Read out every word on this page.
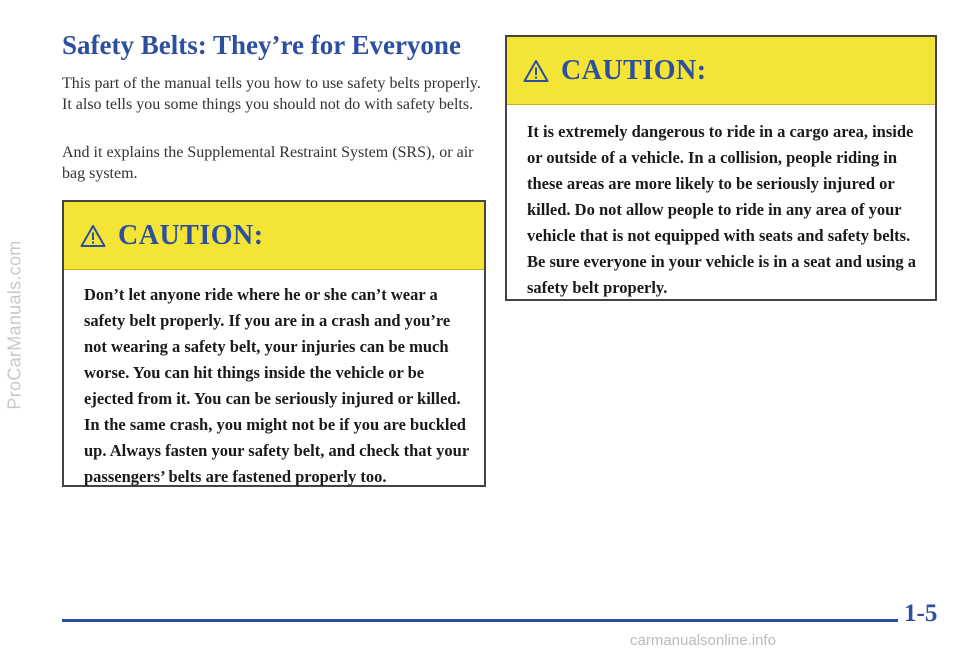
ProCarManuals.com
Safety Belts: They’re for Everyone

This part of the manual tells you how to use safety belts properly. It also tells you some things you should not do with safety belts.

And it explains the Supplemental Restraint System (SRS), or air bag system.

CAUTION:

Don’t let anyone ride where he or she can’t wear a safety belt properly. If you are in a crash and you’re not wearing a safety belt, your injuries can be much worse. You can hit things inside the vehicle or be ejected from it. You can be seriously injured or killed. In the same crash, you might not be if you are buckled up. Always fasten your safety belt, and check that your passengers’ belts are fastened properly too.

CAUTION:

It is extremely dangerous to ride in a cargo area, inside or outside of a vehicle. In a collision, people riding in these areas are more likely to be seriously injured or killed. Do not allow people to ride in any area of your vehicle that is not equipped with seats and safety belts. Be sure everyone in your vehicle is in a seat and using a safety belt properly.

1-5
carmanualsonline.info
